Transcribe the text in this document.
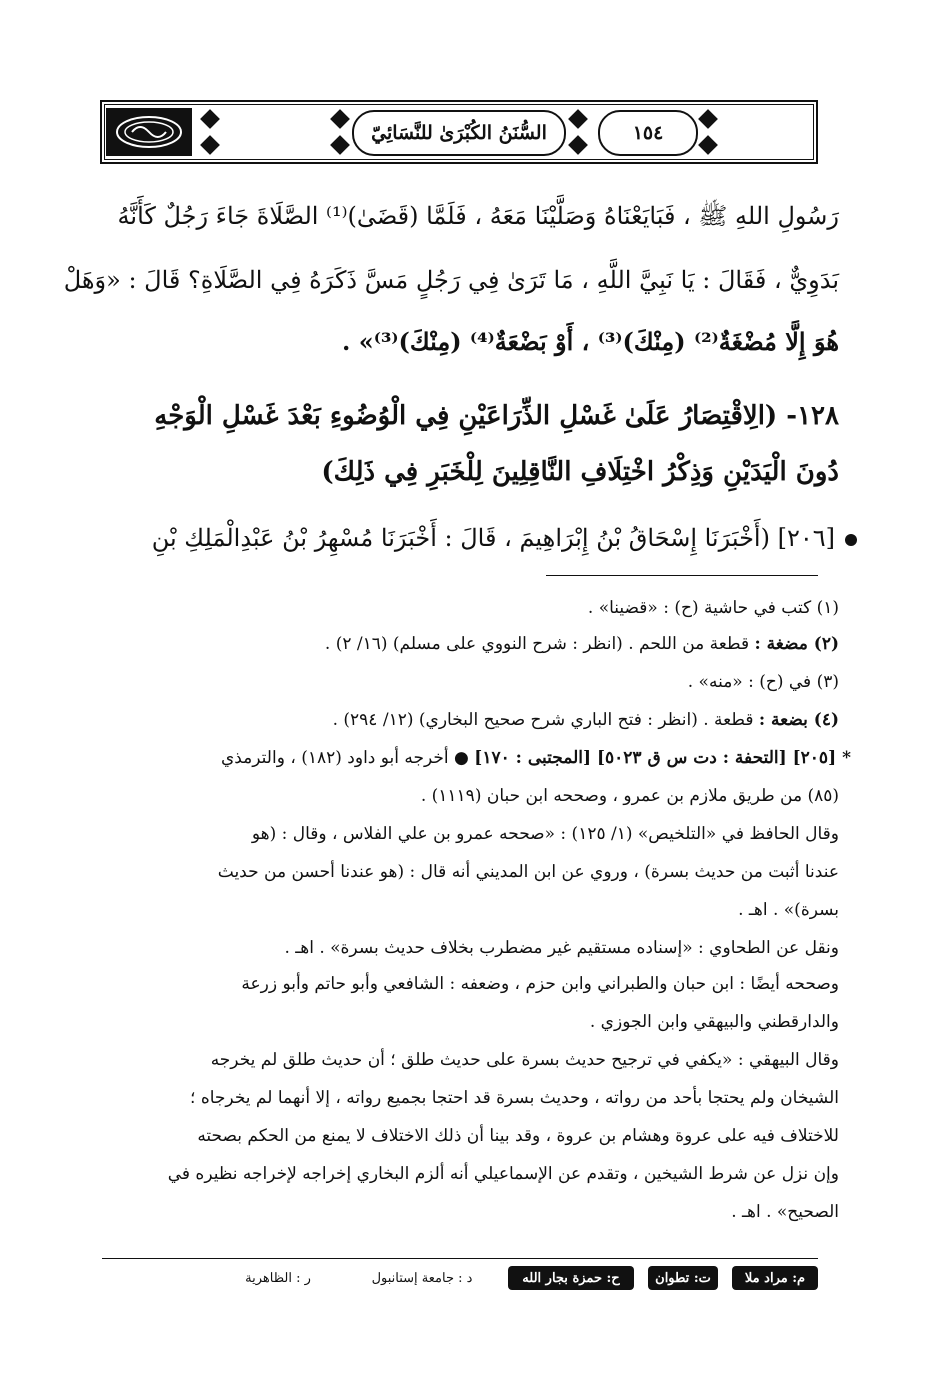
السُّنَنُ الكُبْرَىٰ للنَّسَائِيّ	١٥٤
رَسُولِ اللهِ ﷺ ، فَبَايَعْنَاهُ وَصَلَّيْنَا مَعَهُ ، فَلَمَّا (قَضَىٰ)⁽¹⁾ الصَّلَاةَ جَاءَ رَجُلٌ كَأَنَّهُ
بَدَوِيٌّ ، فَقَالَ : يَا نَبِيَّ اللَّهِ ، مَا تَرَىٰ فِي رَجُلٍ مَسَّ ذَكَرَهُ فِي الصَّلَاةِ؟ قَالَ : «وَهَلْ
هُوَ إِلَّا مُضْغَةٌ⁽²⁾ (مِنْكَ)⁽³⁾ ، أَوْ بَضْعَةٌ⁽⁴⁾ (مِنْكَ)⁽³⁾» .
١٢٨- (الِاقْتِصَارُ عَلَىٰ غَسْلِ الذِّرَاعَيْنِ فِي الْوُضُوءِ بَعْدَ غَسْلِ الْوَجْهِ
دُونَ الْيَدَيْنِ وَذِكْرُ اخْتِلَافِ النَّاقِلِينَ لِلْخَبَرِ فِي ذَلِكَ)
[٢٠٦] (أَخْبَرَنَا إِسْحَاقُ بْنُ إِبْرَاهِيمَ ، قَالَ : أَخْبَرَنَا مُسْهِرُ بْنُ عَبْدِالْمَلِكِ بْنِ
(١) كتب في حاشية (ح) : «قضينا» .
(٢) مضغة : قطعة من اللحم . (انظر : شرح النووي على مسلم) (١٦/ ٢) .
(٣) في (ح) : «منه» .
(٤) بضعة : قطعة . (انظر : فتح الباري شرح صحيح البخاري) (١٢/ ٢٩٤) .
*[٢٠٥] [التحفة : دت س ق ٥٠٢٣] [المجتبى : ١٧٠] ● أخرجه أبو داود (١٨٢) ، والترمذي
(٨٥) من طريق ملازم بن عمرو ، وصححه ابن حبان (١١١٩) .
وقال الحافظ في «التلخيص» (١/ ١٢٥) : «صححه عمرو بن علي الفلاس ، وقال : (هو
عندنا أثبت من حديث بسرة) ، وروي عن ابن المديني أنه قال : (هو عندنا أحسن من حديث
بسرة)» . اهـ .
ونقل عن الطحاوي : «إسناده مستقيم غير مضطرب بخلاف حديث بسرة» . اهـ .
وصححه أيضًا : ابن حبان والطبراني وابن حزم ، وضعفه : الشافعي وأبو حاتم وأبو زرعة
والدارقطني والبيهقي وابن الجوزي .
وقال البيهقي : «يكفي في ترجيح حديث بسرة على حديث طلق ؛ أن حديث طلق لم يخرجه
الشيخان ولم يحتجا بأحد من رواته ، وحديث بسرة قد احتجا بجميع رواته ، إلا أنهما لم يخرجاه ؛
للاختلاف فيه على عروة وهشام بن عروة ، وقد بينا أن ذلك الاختلاف لا يمنع من الحكم بصحته
وإن نزل عن شرط الشيخين ، وتقدم عن الإسماعيلي أنه ألزم البخاري إخراجه لإخراجه نظيره في
الصحيح» . اهـ .
م: مراد ملا
ت: تطوان
ح: حمزة بجار الله
د : جامعة إستانبول
ر : الظاهرية
